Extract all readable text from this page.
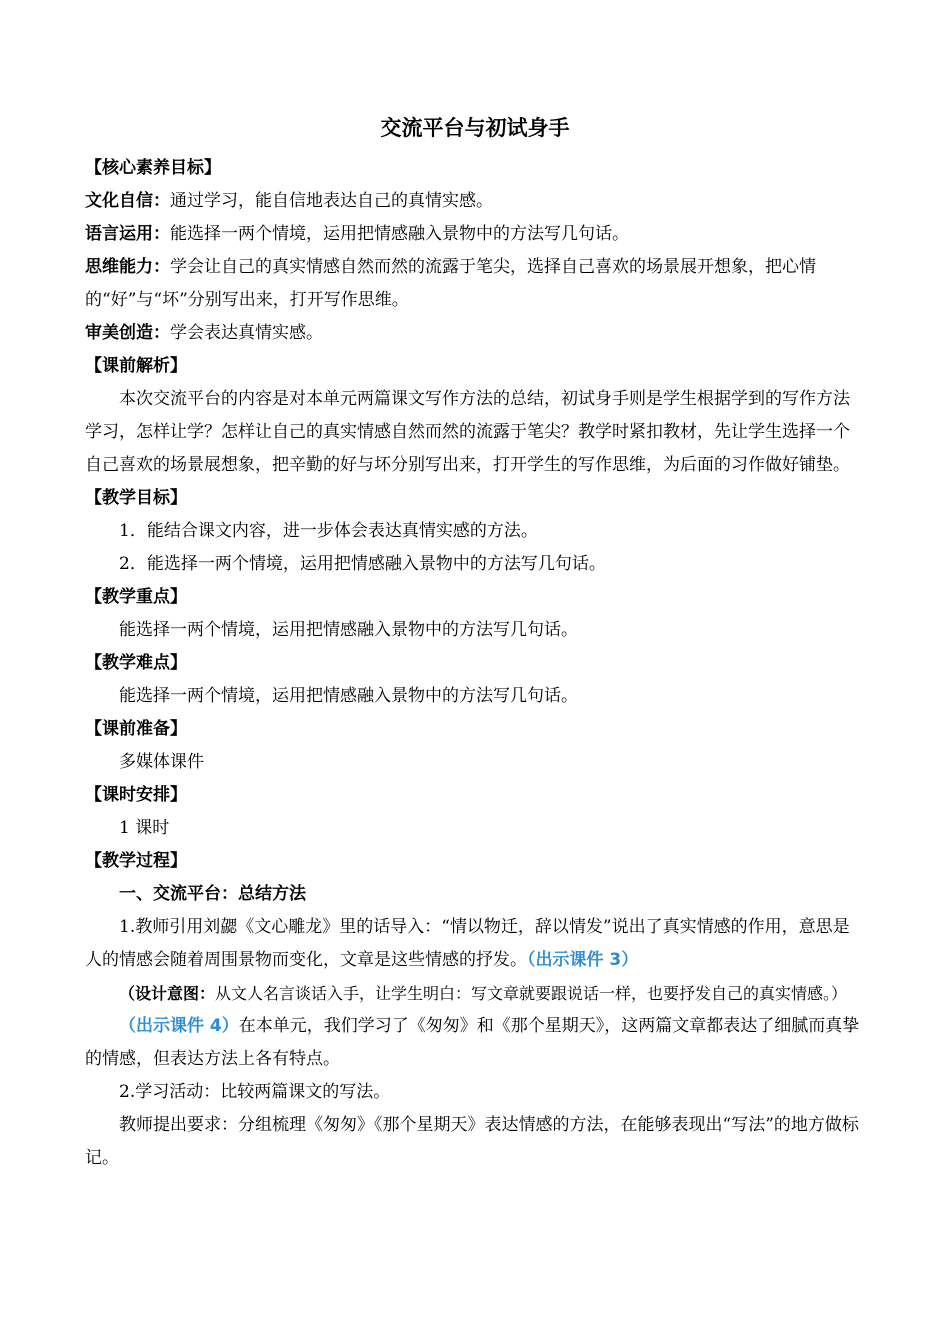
交流平台与初试身手

【核心素养目标】

文化自信：通过学习，能自信地表达自己的真情实感。

语言运用：能选择一两个情境，运用把情感融入景物中的方法写几句话。

思维能力：学会让自己的真实情感自然而然的流露于笔尖，选择自己喜欢的场景展开想象，把心情的“好”与“坏”分别写出来，打开写作思维。

审美创造：学会表达真情实感。

【课前解析】

本次交流平台的内容是对本单元两篇课文写作方法的总结，初试身手则是学生根据学到的写作方法学习，怎样让学？怎样让自己的真实情感自然而然的流露于笔尖？教学时紧扣教材，先让学生选择一个自己喜欢的场景展想象，把辛勤的好与坏分别写出来，打开学生的写作思维，为后面的习作做好铺垫。

【教学目标】

1．能结合课文内容，进一步体会表达真情实感的方法。

2．能选择一两个情境，运用把情感融入景物中的方法写几句话。

【教学重点】

能选择一两个情境，运用把情感融入景物中的方法写几句话。

【教学难点】

能选择一两个情境，运用把情感融入景物中的方法写几句话。

【课前准备】

多媒体课件

【课时安排】

1 课时

【教学过程】

一、交流平台：总结方法

1.教师引用刘勰《文心雕龙》里的话导入：“情以物迁，辞以情发”说出了真实情感的作用，意思是人的情感会随着周围景物而变化，文章是这些情感的抒发。（出示课件 3）

（设计意图：从文人名言谈话入手，让学生明白：写文章就要跟说话一样，也要抒发自己的真实情感。）

（出示课件 4）在本单元，我们学习了《匆匆》和《那个星期天》，这两篇文章都表达了细腻而真挚的情感，但表达方法上各有特点。

2.学习活动：比较两篇课文的写法。

教师提出要求：分组梳理《匆匆》《那个星期天》表达情感的方法，在能够表现出“写法”的地方做标记。
